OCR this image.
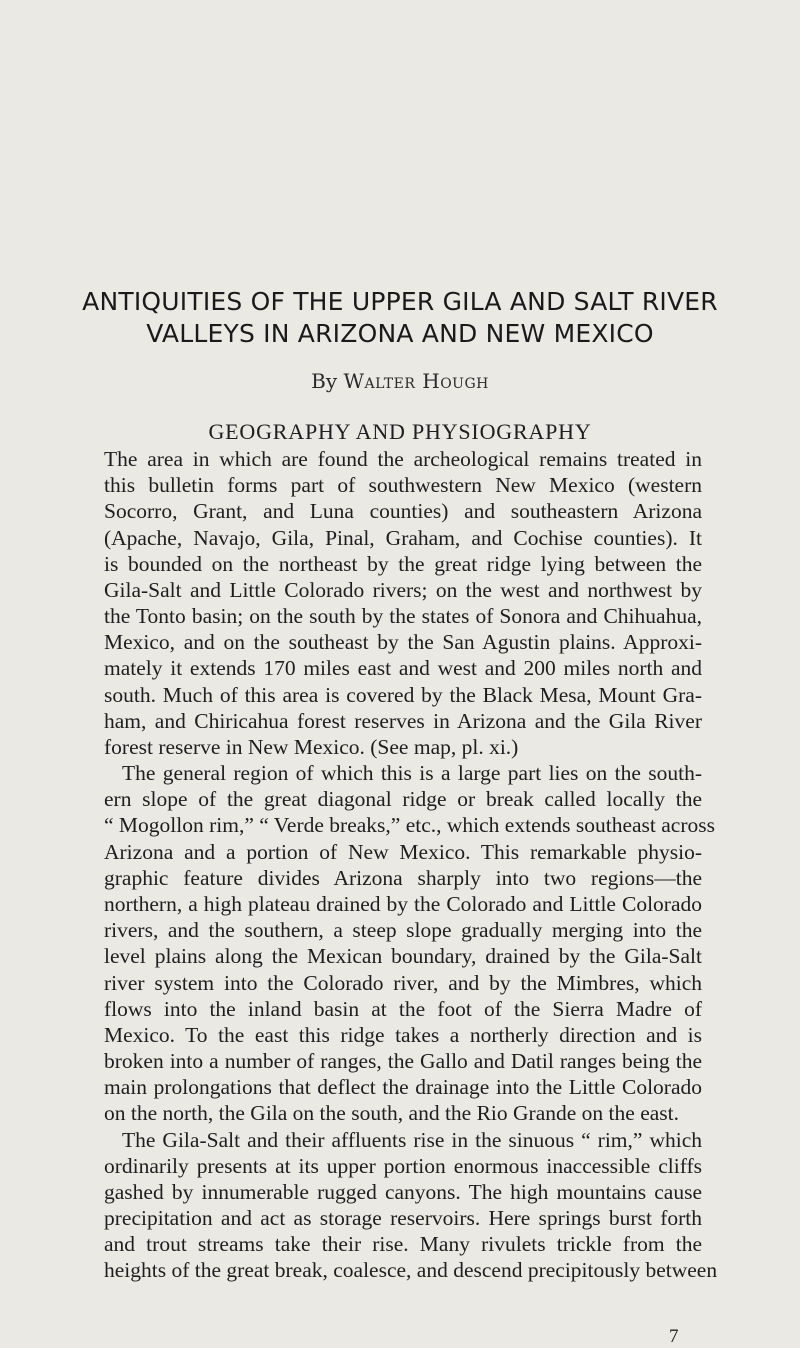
ANTIQUITIES OF THE UPPER GILA AND SALT RIVER
VALLEYS IN ARIZONA AND NEW MEXICO
By Walter Hough
GEOGRAPHY AND PHYSIOGRAPHY
The area in which are found the archeological remains treated in
this bulletin forms part of southwestern New Mexico (western
Socorro, Grant, and Luna counties) and southeastern Arizona
(Apache, Navajo, Gila, Pinal, Graham, and Cochise counties). It
is bounded on the northeast by the great ridge lying between the
Gila-Salt and Little Colorado rivers; on the west and northwest by
the Tonto basin; on the south by the states of Sonora and Chihuahua,
Mexico, and on the southeast by the San Agustin plains. Approxi-
mately it extends 170 miles east and west and 200 miles north and
south. Much of this area is covered by the Black Mesa, Mount Gra-
ham, and Chiricahua forest reserves in Arizona and the Gila River
forest reserve in New Mexico. (See map, pl. xi.)
The general region of which this is a large part lies on the south-
ern slope of the great diagonal ridge or break called locally the
“ Mogollon rim,” “ Verde breaks,” etc., which extends southeast across
Arizona and a portion of New Mexico. This remarkable physio-
graphic feature divides Arizona sharply into two regions—the
northern, a high plateau drained by the Colorado and Little Colorado
rivers, and the southern, a steep slope gradually merging into the
level plains along the Mexican boundary, drained by the Gila-Salt
river system into the Colorado river, and by the Mimbres, which
flows into the inland basin at the foot of the Sierra Madre of
Mexico. To the east this ridge takes a northerly direction and is
broken into a number of ranges, the Gallo and Datil ranges being the
main prolongations that deflect the drainage into the Little Colorado
on the north, the Gila on the south, and the Rio Grande on the east.
The Gila-Salt and their affluents rise in the sinuous “ rim,” which
ordinarily presents at its upper portion enormous inaccessible cliffs
gashed by innumerable rugged canyons. The high mountains cause
precipitation and act as storage reservoirs. Here springs burst forth
and trout streams take their rise. Many rivulets trickle from the
heights of the great break, coalesce, and descend precipitously between
7
